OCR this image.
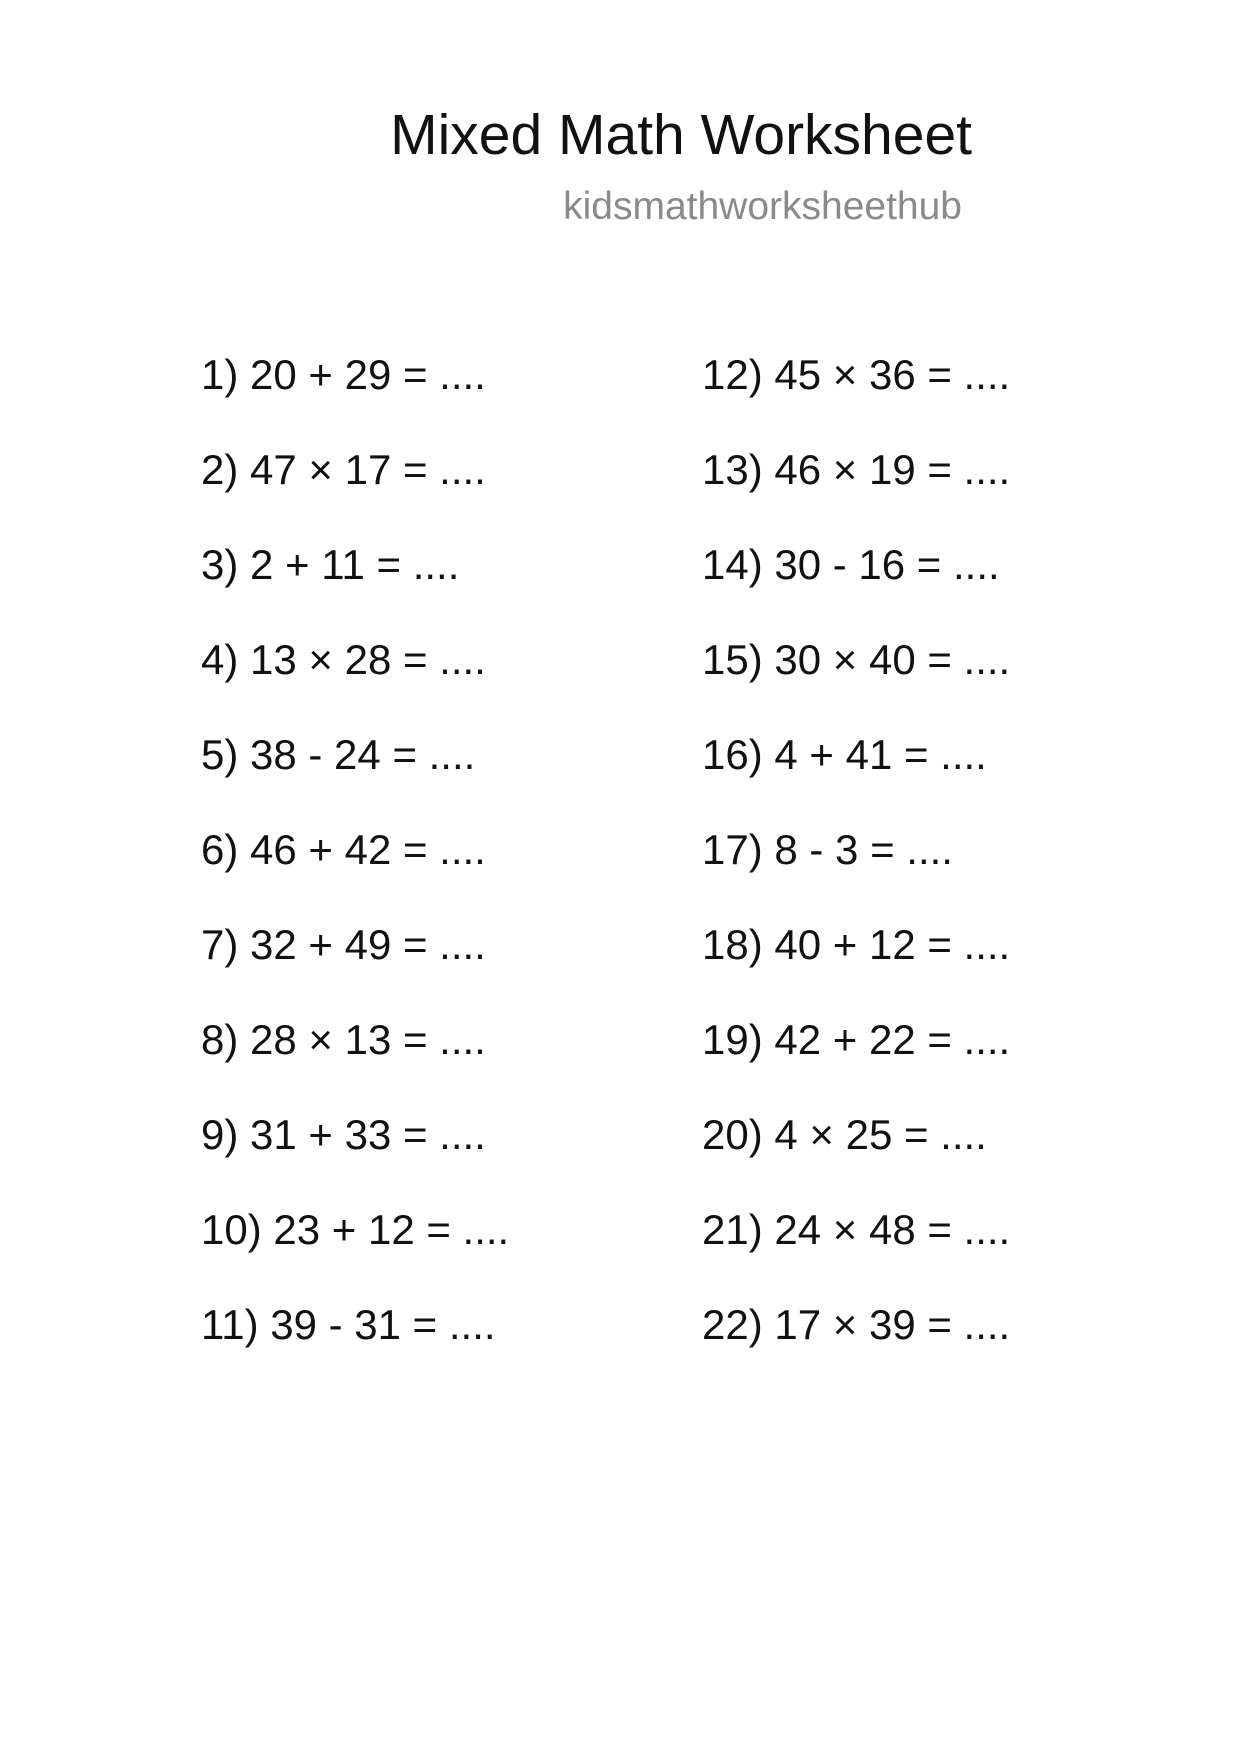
Mixed Math Worksheet
kidsmathworksheethub
1) 20 + 29 = ....
2) 47 × 17 = ....
3) 2 + 11 = ....
4) 13 × 28 = ....
5) 38 - 24 = ....
6) 46 + 42 = ....
7) 32 + 49 = ....
8) 28 × 13 = ....
9) 31 + 33 = ....
10) 23 + 12 = ....
11) 39 - 31 = ....
12) 45 × 36 = ....
13) 46 × 19 = ....
14) 30 - 16 = ....
15) 30 × 40 = ....
16) 4 + 41 = ....
17) 8 - 3 = ....
18) 40 + 12 = ....
19) 42 + 22 = ....
20) 4 × 25 = ....
21) 24 × 48 = ....
22) 17 × 39 = ....
